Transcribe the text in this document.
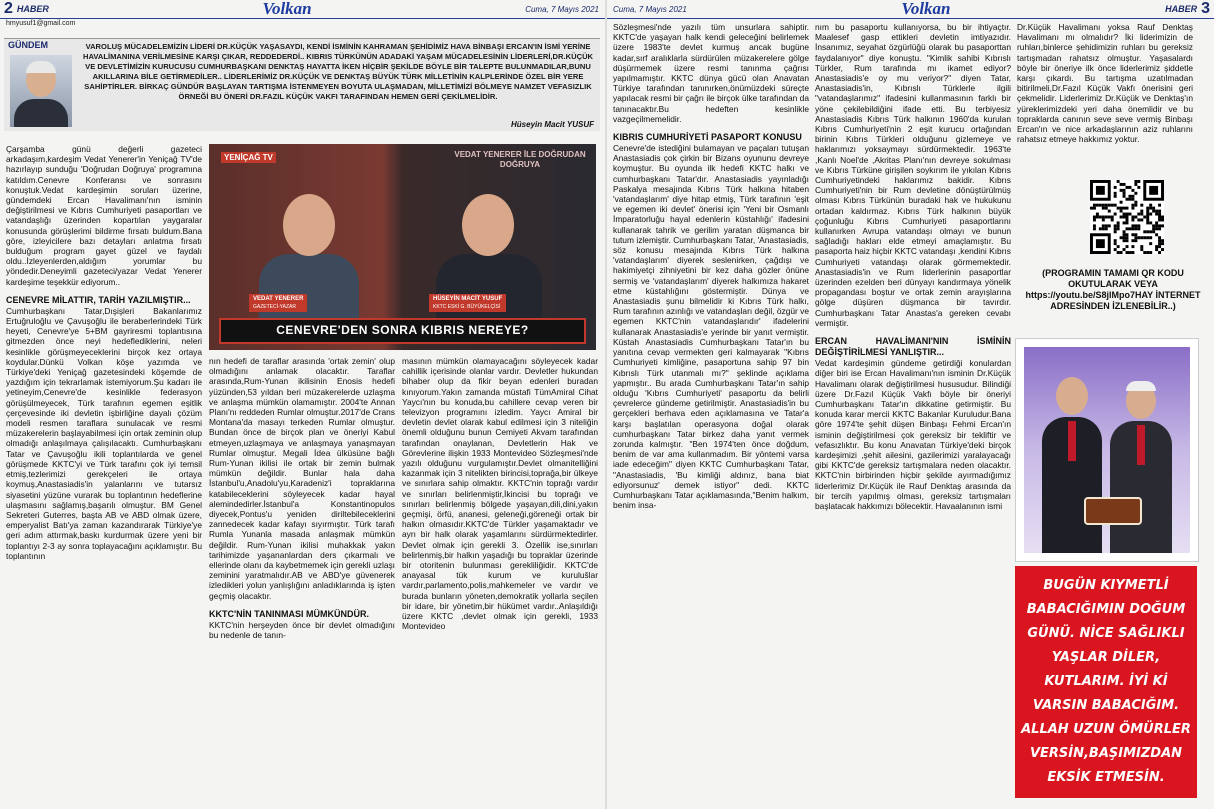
2 HABER	Volkan	Cuma, 7 Mayıs 2021
hmyusuf1@gmail.com
GÜNDEM	VAROLUŞ MÜCADELEMİZİN LİDERİ DR.KÜÇÜK YAŞASAYDI, KENDİ İSMİNİN KAHRAMAN ŞEHİDİMİZ HAVA BİNBAŞI ERCAN'IN İSMİ YERİNE HAVALİMANINA VERİLMESİNE KARŞI ÇIKAR, REDDEDERDİ.. KIBRIS TÜRKÜNÜN ADADAKİ YAŞAM MÜCADELESİNİN LİDERLERİ,DR.KÜÇÜK VE DEVLETİMİZİN KURUCUSU CUMHURBAŞKANI DENKTAŞ HAYATTA İKEN HİÇBİR ŞEKİLDE BÖYLE BİR TALEPTE BULUNMADILAR,BUNU AKILLARINA BİLE GETİRMEDİLER.. LİDERLERİMİZ DR.KÜÇÜK VE DENKTAŞ BÜYÜK TÜRK MİLLETİNİN KALPLERİNDE ÖZEL BİR YERE SAHİPTİRLER. BİRKAÇ GÜNDÜR BAŞLAYAN TARTIŞMA İSTENMEYEN BOYUTA ULAŞMADAN, MİLLETİMİZİ BÖLMEYE NAMZET VEFASIZLIK ÖRNEĞİ BU ÖNERİ DR.FAZIL KÜÇÜK VAKFI TARAFINDAN HEMEN GERİ ÇEKİLMELİDİR.
Hüseyin Macit YUSUF

Çarşamba günü değerli gazeteci arkadaşım,kardeşim Vedat Yenerer'in Yeniçağ TV'de hazırlayıp sunduğu 'Doğrudan Doğruya' programına katıldım.Cenevre Konferansı ve sonrasını konuştuk.Vedat kardeşimin soruları üzerine, gündemdeki Ercan Havalimanı'nın isminin değiştirilmesi ve Kıbrıs Cumhuriyeti pasaportları ve vatandaşlığı üzerinden kopartılan yaygaralar konusunda görüşlerimi bildirme fırsatı buldum.Bana göre, izleyicilere bazı detayları anlatma fırsatı bulduğum program gayet güzel ve faydalı oldu..İzleyenlerden,aldığım yorumlar bu yöndedir.Deneyimli gazeteci/yazar Vedat Yenerer kardeşime teşekkür ediyorum..

CENEVRE MİLATTIR, TARİH YAZILMIŞTIR...

Cumhurbaşkanı Tatar,Dışişleri Bakanlarımız Ertuğruloğlu ve Çavuşoğlu ile beraberlerindeki Türk heyeti, Cenevre'ye 5+BM gayriresmi toplantısına gitmezden önce neyi hedeflediklerini, neleri kesinlikle görüşmeyeceklerini birçok kez ortaya koydular.Dünkü Volkan köşe yazımda ve Türkiye'deki Yeniçağ gazetesindeki köşemde de yazdığım için tekrarlamak istemiyorum.Şu kadarı ile yetineyim,Cenevre'de kesinlikle federasyon görüşülmeyecek, Türk tarafının egemen eşitlik çerçevesinde iki devletin işbirliğine dayalı çözüm modeli resmen taraflara sunulacak ve resmi müzakerelerin başlayabilmesi için ortak zeminin olup olmadığı anlaşılmaya çalışılacaktı. Cumhurbaşkanı Tatar ve Çavuşoğlu ikili toplantılarda ve genel görüşmede KKTC'yi ve Türk tarafını çok iyi temsil etmiş,tezlerimizi gerekçeleri ile ortaya koymuş,Anastasiadis'in yalanlarını ve tutarsız siyasetini yüzüne vurarak bu toplantının hedeflerine ulaşmasını sağlamış,başarılı olmuştur. BM Genel Sekreteri Guterres, başta AB ve ABD olmak üzere, emperyalist Batı'ya zaman kazandırarak Türkiye'ye geri adım attırmak,baskı kurdurmak üzere yeni bir toplantıyı 2-3 ay sonra toplayacağını açıklamıştır. Bu toplantının

YENİÇAĞ TV	VEDAT YENERER İLE DOĞRUDAN DOĞRUYA
VEDAT YENERER
GAZETECİ-YAZAR
HÜSEYİN MACİT YUSUF
KKTC ESKİ G. BÜYÜKELÇİSİ
CENEVRE'DEN SONRA KIBRIS NEREYE?

nın hedefi de taraflar arasında 'ortak zemin' olup olmadığını anlamak olacaktır. Taraflar arasında,Rum-Yunan ikilisinin Enosis hedefi yüzünden,53 yıldan beri müzakerelerde uzlaşma ve anlaşma mümkün olamamıştır. 2004'te Annan Planı'nı reddeden Rumlar olmuştur.2017'de Crans Montana'da masayı terkeden Rumlar olmuştur. Bundan önce de birçok plan ve öneriyi Kabul etmeyen,uzlaşmaya ve anlaşmaya yanaşmayan Rumlar olmuştur. Megali İdea ülküsüne bağlı Rum-Yunan ikilisi ile ortak bir zemin bulmak mümkün değildir. Bunlar hala daha İstanbul'u,Anadolu'yu,Karadeniz'i topraklarına katabileceklerini söyleyecek kadar hayal alemindedirler.İstanbul'a Konstantinopulos diyecek,Pontus'u yeniden diriltebileceklerini zannedecek kadar kafayı sıyırmıştır. Türk tarafı Rumla Yunanla masada anlaşmak mümkün değildir. Rum-Yunan ikilisi muhakkak yakın tarihimizde yaşananlardan ders çıkarmalı ve ellerinde olanı da kaybetmemek için gerekli uzlaşı zeminini yaratmalıdır.AB ve ABD'ye güvenerek izledikleri yolun yanlışlığını anladıklarında iş işten geçmiş olacaktır.

KKTC'NİN TANINMASI MÜMKÜNDÜR.

KKTC'nin herşeyden önce bir devlet olmadığını bu nedenle de tanın-

masının mümkün olamayacağını söyleyecek kadar cahillik içerisinde olanlar vardır. Devletler hukundan bihaber olup da fikir beyan edenleri buradan kınıyorum.Yakın zamanda müstafi TümAmiral Cihat Yaycı'nın bu konuda,bu cahillere cevap veren bir televizyon programını izledim. Yaycı Amiral bir devletin devlet olarak kabul edilmesi için 3 niteliğin önemli olduğunu bunun Cemiyeti Akvam tarafından tarafından onaylanan, Devletlerin Hak ve Görevlerine ilişkin 1933 Montevideo Sözleşmesi'nde yazılı olduğunu vurgulamıştır.Devlet olmanitelliğini kazanmak için 3 nitelikten birincisi,toprağa,bir ülkeye ve sınırlara sahip olmaktır. KKTC'nin toprağı vardır ve sınırları belirlenmiştir,İkincisi bu toprağı ve sınırları belirlenmiş bölgede yaşayan,dili,dini,yakın geçmişi, örfü, ananesi, geleneği,göreneği ortak bir halkın olmasıdır.KKTC'de Türkler yaşamaktadır ve ayrı bir halk olarak yaşamlarını sürdürmektedirler. Devlet olmak için gerekli 3. Özellik ise,sınırları belirlenmiş,bir halkın yaşadığı bu topraklar üzerinde bir otoritenin bulunması gerekliliğidir. KKTC'de anayasal tük kurum ve kurulušlar vardır,parlamento,polis,mahkemeler ve vardır ve burada bunların yöneten,demokratik yollarla seçilen bir idare, bir yönetim,bir hükümet vardır..Anlaşıldığı üzere KKTC ,devlet olmak için gerekli, 1933 Montevideo

Cuma, 7 Mayıs 2021	Volkan	HABER 3

Sözleşmesi'nde yazılı tüm unsurlara sahiptir. KKTC'de yaşayan halk kendi geleceğini belirlemek üzere 1983'te devlet kurmuş ancak bugüne kadar,sırf aralıklarla sürdürülen müzakerelere gölge düşürmemek üzere resmi tanınma çağrısı yapılmamıştır. KKTC dünya gücü olan Anavatan Türkiye tarafından tanınırken,önümüzdeki süreçte yapılacak resmi bir çağrı ile birçok ülke tarafından da tanınacaktır.Bu hedeften kesinlikle vazgeçilmemelidir.

KIBRIS CUMHURİYETİ PASAPORT KONUSU

Cenevre'de istediğini bulamayan ve paçaları tutuşan Anastasiadis çok çirkin bir Bizans oyununu devreye koymuştur. Bu oyunda ilk hedefi KKTC halkı ve cumhurbaşkanı Tatar'dır. Anastasiadis yayınladığı Paskalya mesajında Kıbrıs Türk halkına hitaben 'vatandaşlarım' diye hitap etmiş, Türk tarafının 'eşit ve egemen iki devlet' önerisi için 'Yeni bir Osmanlı İmparatorluğu hayal edenlerin küstahlığı' ifadesini kullanarak tahrik ve gerilim yaratan düşmanca bir tutum izlemiştir. Cumhurbaşkanı Tatar, 'Anastasiadis, söz konusu mesajında Kıbrıs Türk halkına 'vatandaşlarım' diyerek seslenirken, çağdışı ve hakimiyetçi zihniyetini bir kez daha gözler önüne sermiş ve 'vatandaşlarım' diyerek halkımıza hakaret etme küstahlığını göstermiştir. Dünya ve Anastasiadis şunu bilmelidir ki Kıbrıs Türk halkı, Rum tarafının azınlığı ve vatandaşları değil, özgür ve egemen KKTC'nin vatandaşlarıdır' ifadelerini kullanarak Anastasiadis'e yerinde bir yanıt vermiştir. Küstah Anastasiadis Cumhurbaşkanı Tatar'ın bu yanıtına cevap vermekten geri kalmayarak "Kıbrıs Cumhuriyeti kimliğine, pasaportuna sahip 97 bin Kıbrıslı Türk utanmalı mı?" şeklinde açıklama yapmıştır.. Bu arada Cumhurbaşkanı Tatar'ın sahip olduğu 'Kıbrıs Cumhuriyeti' pasaportu da belirli çevrelerce gündeme getirilmiştir. Anastasiadis'in bu gerçekleri berhava eden açıklamasına ve Tatar'a karşı başlatılan operasyona doğal olarak cumhurbaşkanı Tatar birkez daha yanıt vermek zorunda kalmıştır. "Ben 1974'ten önce doğdum, benim de var ama kullanmadım. Bir yöntemi varsa iade edeceğim" diyen KKTC Cumhurbaşkanı Tatar, "Anastasiadis, 'Bu kimliği aldınız, bana biat ediyorsunuz' demek istiyor" dedi. KKTC Cumhurbaşkanı Tatar açıklamasında,"Benim halkım, benim insa-

nım bu pasaportu kullanıyorsa, bu bir ihtiyaçtır. Maalesef gasp ettikleri devletin imtiyazıdır. İnsanımız, seyahat özgürlüğü olarak bu pasaporttan faydalanıyor" diye konuştu. "Kimlik sahibi Kıbrıslı Türkler, Rum tarafında mı ikamet ediyor? Anastasiadis'e oy mu veriyor?" diyen Tatar, Anastasiadis'in, Kıbrıslı Türklerle ilgili "vatandaşlarımız" ifadesini kullanmasının farklı bir yöne çekilebildiğini ifade etti. Bu terbiyesiz Anastasiadis Kıbrıs Türk halkının 1960'da kurulan Kıbrıs Cumhuriyeti'nin 2 eşit kurucu ortağından birinin Kıbrıs Türkleri olduğunu gizlemeye ve haklarımızı yoksaymayı sürdürmektedir. 1963'te ,Kanlı Noel'de ,Akritas Planı'nın devreye sokulması ve Kıbrıs Türküne girişilen soykırım ile yıkılan Kıbrıs Cumhuriyetindeki haklarımız bakidir. Kıbrıs Cumhuriyeti'nin bir Rum devletine dönüştürülmüş olması Kıbrıs Türkünün buradaki hak ve hukukunu ortadan kaldırmaz. Kıbrıs Türk halkının büyük çoğunluğu Kıbrıs Cumhuriyeti pasaportlarını kullanırken Avrupa vatandaşı olmayı ve bunun sağladığı hakları elde etmeyi amaçlamıştır. Bu pasaporta haiz hiçbir KKTC vatandaşı ,kendini Kıbrıs Cumhuriyeti vatandaşı olarak görmemektedir. Anastasiadis'in ve Rum liderlerinin pasaportlar üzerinden ezelden beri dünyayı kandırmaya yönelik propagandası boştur ve ortak zemin arayışlarına gölge düşüren düşmanca bir tavırdır. Cumhurbaşkanı Tatar Anastas'a gereken cevabı vermiştir.

ERCAN HAVALİMANI'NIN İSMİNİN DEĞİŞTİRİLMESİ YANLIŞTIR...

Vedat kardeşimin gündeme getirdiği konulardan diğer biri ise Ercan Havalimanı'nın isminin Dr.Küçük Havalimanı olarak değiştirilmesi hususudur. Bilindiği üzere Dr.Fazıl Küçük Vakfı böyle bir öneriyi Cumhurbaşkanı Tatar'ın dikkatine getirmiştir. Bu konuda karar mercii KKTC Bakanlar Kuruludur.Bana göre 1974'te şehit düşen Binbaşı Fehmi Ercan'ın isminin değiştirilmesi çok gereksiz bir tekliftir ve vefasızlıktır. Bu konu Anavatan Türkiye'deki birçok kardeşimizi ,şehit ailesini, gazilerimizi yaralayacağı gibi KKTC'de gereksiz tartışmalara neden olacaktır. KKTC'nin birbirinden hiçbir şekilde ayırmadığımız liderlerimiz Dr.Küçük ile Rauf Denktaş arasında da bir tercih yapılmış olması, gereksiz tartışmaları başlatacak hakkımızı bölecektir. Havaalanının ismi

Dr.Küçük Havalimanı yoksa Rauf Denktaş Havalimanı mı olmalıdır? İki liderimizin de ruhları,binlerce şehidimizin ruhları bu gereksiz tartışmadan rahatsız olmuştur. Yaşasalardı böyle bir öneriye ilk önce liderlerimiz şiddetle karşı çıkardı. Bu tartışma uzatılmadan bitirilmeli,Dr.Fazıl Küçük Vakfı önerisini geri çekmelidir. Liderlerimiz Dr.Küçük ve Denktaş'ın yüreklerimizdeki yeri daha önemlidir ve bu topraklarda canının seve seve vermiş Binbaşı Ercan'ın ve nice arkadaşlarının aziz ruhlarını rahatsız etmeye hakkımız yoktur.

(PROGRAMIN TAMAMI QR KODU OKUTULARAK VEYA https://youtu.be/S8jlMpo7HAY İNTERNET ADRESİNDEN İZLENEBİLİR..)
BUGÜN KIYMETLİ BABACIĞIMIN DOĞUM GÜNÜ. NİCE SAĞLIKLI YAŞLAR DİLER, KUTLARIM. İYİ Kİ VARSIN BABACIĞIM. ALLAH UZUN ÖMÜRLER VERSİN,BAŞIMIZDAN EKSİK ETMESİN.
